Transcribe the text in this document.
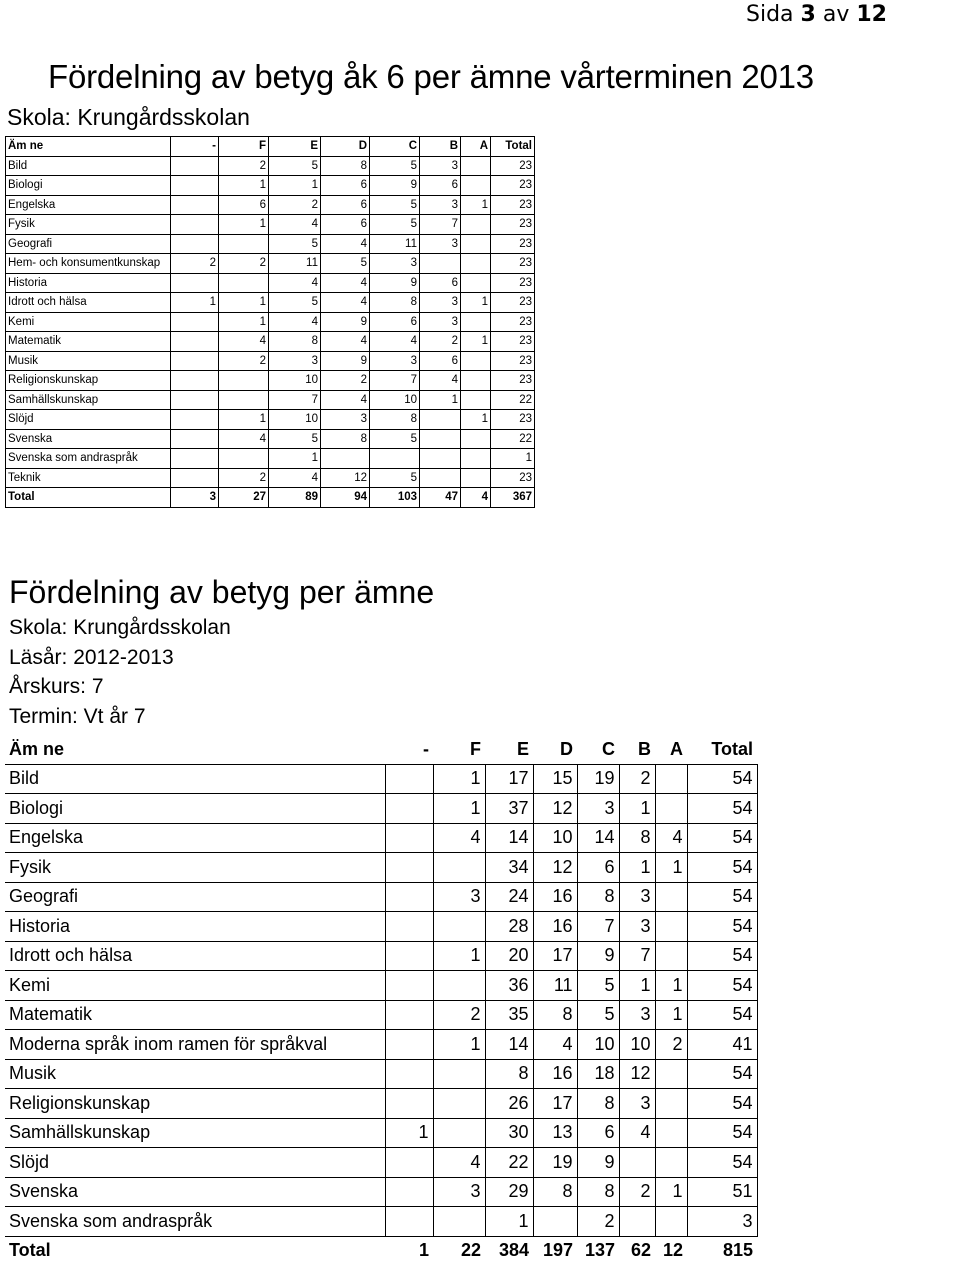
Sida 3 av 12
Fördelning av betyg åk 6 per ämne vårterminen 2013
Skola: Krungårdsskolan
Äm ne	-	F	E	D	C	B	A	Total
Bild		2	5	8	5	3		23
Biologi		1	1	6	9	6		23
Engelska		6	2	6	5	3	1	23
Fysik		1	4	6	5	7		23
Geografi			5	4	11	3		23
Hem- och konsumentkunskap	2	2	11	5	3			23
Historia			4	4	9	6		23
Idrott och hälsa	1	1	5	4	8	3	1	23
Kemi		1	4	9	6	3		23
Matematik		4	8	4	4	2	1	23
Musik		2	3	9	3	6		23
Religionskunskap			10	2	7	4		23
Samhällskunskap			7	4	10	1		22
Slöjd		1	10	3	8		1	23
Svenska		4	5	8	5			22
Svenska som andraspråk			1					1
Teknik		2	4	12	5			23
Total	3	27	89	94	103	47	4	367
Fördelning av betyg per ämne
Skola: Krungårdsskolan
Läsår: 2012-2013
Årskurs: 7
Termin: Vt år 7
Äm ne	-	F	E	D	C	B	A	Total
Bild		1	17	15	19	2		54
Biologi		1	37	12	3	1		54
Engelska		4	14	10	14	8	4	54
Fysik			34	12	6	1	1	54
Geografi		3	24	16	8	3		54
Historia			28	16	7	3		54
Idrott och hälsa		1	20	17	9	7		54
Kemi			36	11	5	1	1	54
Matematik		2	35	8	5	3	1	54
Moderna språk inom ramen för språkval		1	14	4	10	10	2	41
Musik			8	16	18	12		54
Religionskunskap			26	17	8	3		54
Samhällskunskap	1		30	13	6	4		54
Slöjd		4	22	19	9			54
Svenska		3	29	8	8	2	1	51
Svenska som andraspråk			1		2			3
Total	1	22	384	197	137	62	12	815
